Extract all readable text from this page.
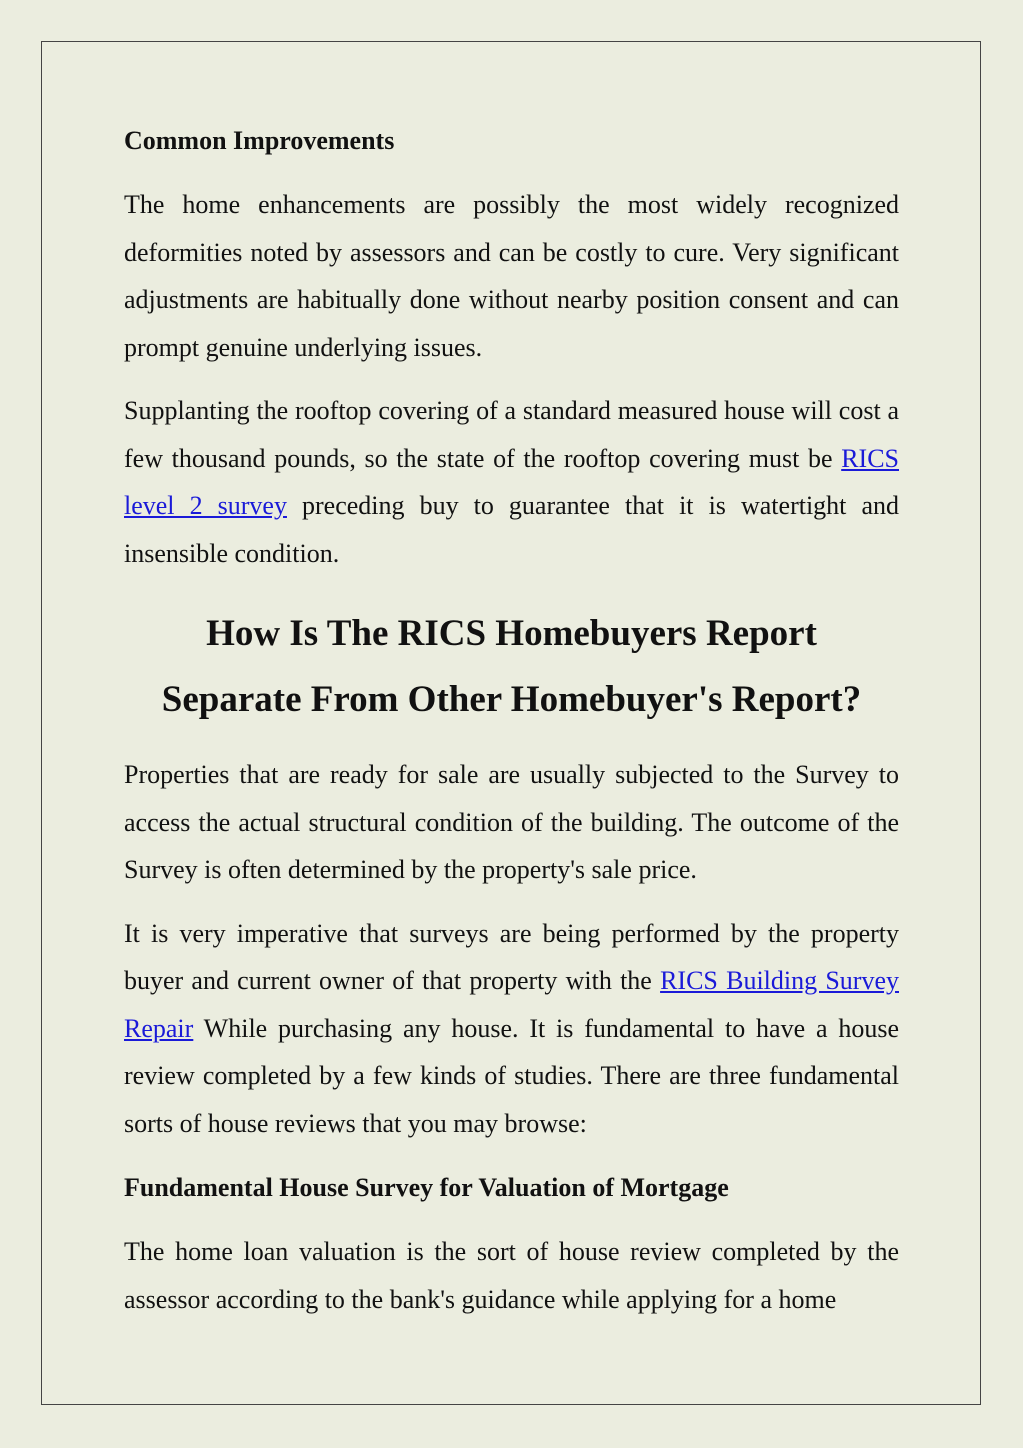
Common Improvements

The home enhancements are possibly the most widely recognized deformities noted by assessors and can be costly to cure. Very significant adjustments are habitually done without nearby position consent and can prompt genuine underlying issues.

Supplanting the rooftop covering of a standard measured house will cost a few thousand pounds, so the state of the rooftop covering must be RICS level 2 survey preceding buy to guarantee that it is watertight and insensible condition.

How Is The RICS Homebuyers Report
Separate From Other Homebuyer's Report?

Properties that are ready for sale are usually subjected to the Survey to access the actual structural condition of the building. The outcome of the Survey is often determined by the property's sale price.

It is very imperative that surveys are being performed by the property buyer and current owner of that property with the RICS Building Survey Repair While purchasing any house. It is fundamental to have a house review completed by a few kinds of studies. There are three fundamental sorts of house reviews that you may browse:

Fundamental House Survey for Valuation of Mortgage

The home loan valuation is the sort of house review completed by the assessor according to the bank's guidance while applying for a home
